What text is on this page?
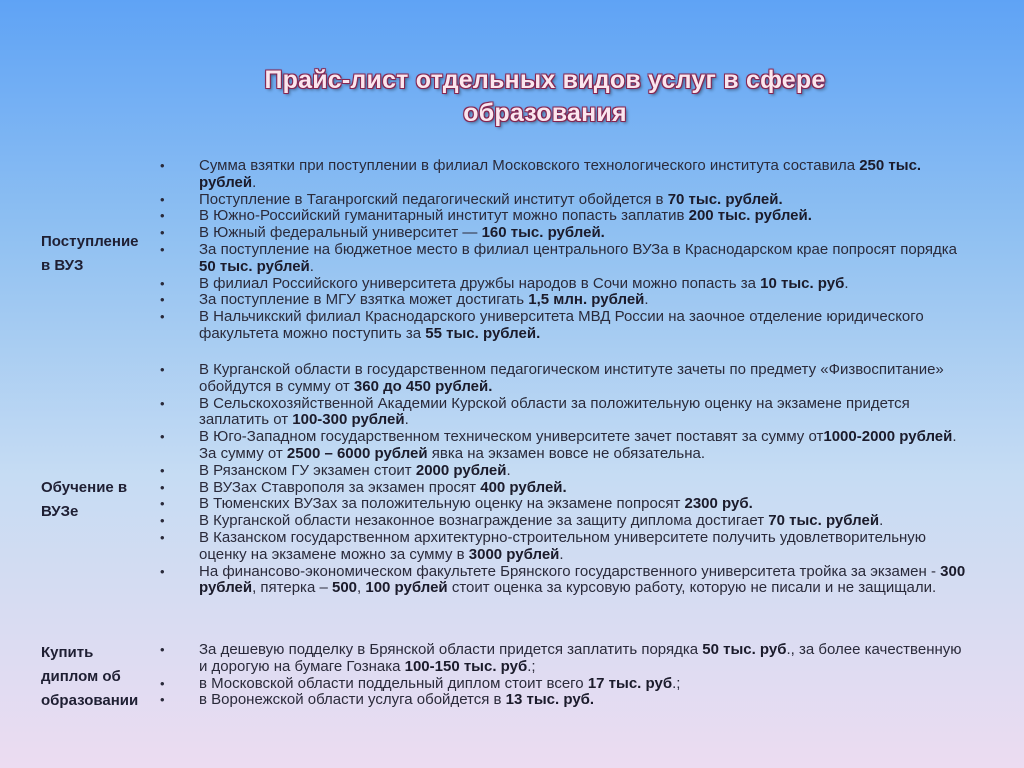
Прайс-лист отдельных видов услуг в сфере
образования
Поступление
в ВУЗ
• Сумма взятки при поступлении в филиал Московского технологического института составила 250 тыс. рублей.
• Поступление в Таганрогский педагогический институт обойдется в 70 тыс. рублей.
• В Южно-Российский гуманитарный институт можно попасть заплатив 200 тыс. рублей.
• В Южный федеральный университет — 160 тыс. рублей.
• За поступление на бюджетное место в филиал центрального ВУЗа в Краснодарском крае попросят порядка 50 тыс. рублей.
• В филиал Российского университета дружбы народов в Сочи можно попасть за 10 тыс. руб.
• За поступление в МГУ взятка может достигать 1,5 млн. рублей.
• В Нальчикский филиал Краснодарского университета МВД России на заочное отделение юридического факультета можно поступить за 55 тыс. рублей.
Обучение в
ВУЗе
• В Курганской области в государственном педагогическом институте зачеты по предмету «Физвоспитание» обойдутся в сумму от 360 до 450 рублей.
• В Сельскохозяйственной Академии Курской области за положительную оценку на экзамене придется заплатить от 100-300 рублей.
• В Юго-Западном государственном техническом университете зачет поставят за сумму от1000-2000 рублей. За сумму от 2500 – 6000 рублей явка на экзамен вовсе не обязательна.
• В Рязанском ГУ экзамен стоит 2000 рублей.
• В ВУЗах Ставрополя за экзамен просят 400 рублей.
• В Тюменских ВУЗах за положительную оценку на экзамене попросят 2300 руб.
• В Курганской области незаконное вознаграждение за защиту диплома достигает 70 тыс. рублей.
• В Казанском государственном архитектурно-строительном университете получить удовлетворительную оценку на экзамене можно за сумму в 3000 рублей.
• На финансово-экономическом факультете Брянского государственного университета тройка за экзамен - 300 рублей, пятерка – 500, 100 рублей стоит оценка за курсовую работу, которую не писали и не защищали.
Купить
диплом об
образовании
• За дешевую подделку в Брянской области придется заплатить порядка 50 тыс. руб., за более качественную и дорогую на бумаге Гознака 100-150 тыс. руб.;
• в Московской области поддельный диплом стоит всего 17 тыс. руб.;
• в Воронежской области услуга обойдется в 13 тыс. руб.
